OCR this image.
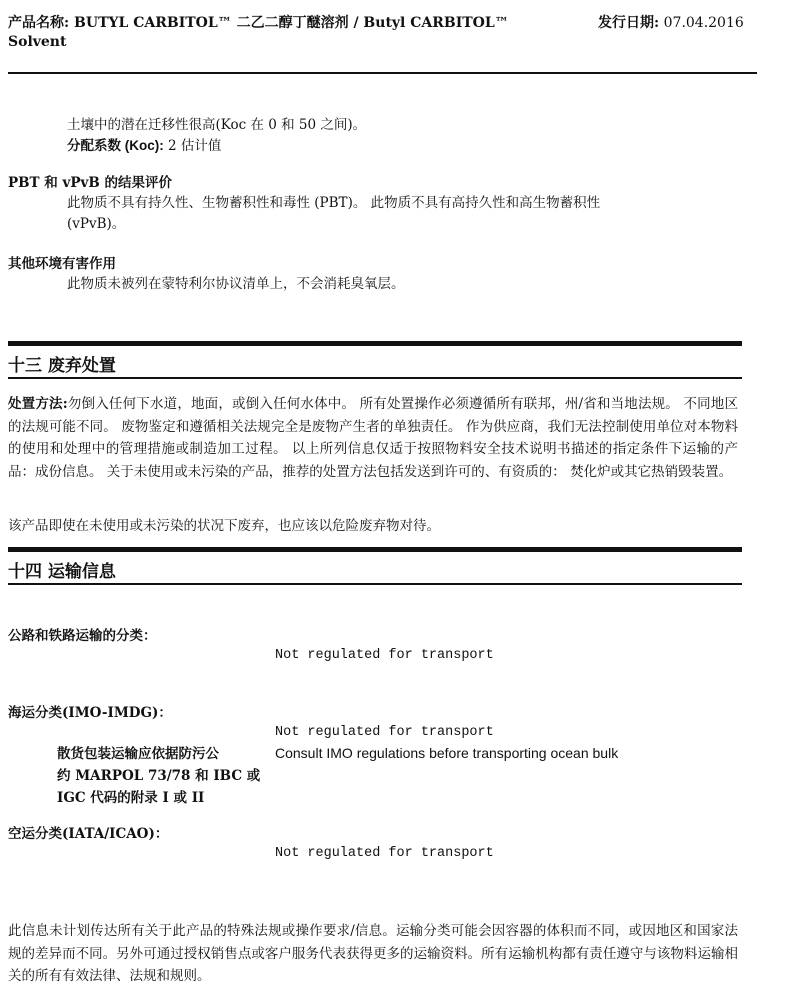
产品名称: BUTYL CARBITOL™ 二乙二醇丁醚溶剂 / Butyl CARBITOL™
Solvent
发行日期: 07.04.2016
土壤中的潜在迁移性很高(Koc 在 0 和 50 之间)。
分配系数 (Koc): 2 估计值
PBT 和 vPvB 的结果评价
此物质不具有持久性、生物蓄积性和毒性 (PBT)。 此物质不具有高持久性和高生物蓄积性
(vPvB)。
其他环境有害作用
此物质未被列在蒙特利尔协议清单上，不会消耗臭氧层。
十三 废弃处置
处置方法:勿倒入任何下水道，地面，或倒入任何水体中。 所有处置操作必须遵循所有联邦，州/省和当地法规。 不同地区的法规可能不同。 废物鉴定和遵循相关法规完全是废物产生者的单独责任。 作为供应商，我们无法控制使用单位对本物料的使用和处理中的管理措施或制造加工过程。 以上所列信息仅适于按照物料安全技术说明书描述的指定条件下运输的产品：成份信息。 关于未使用或未污染的产品，推荐的处置方法包括发送到许可的、有资质的： 焚化炉或其它热销毁装置。
该产品即使在未使用或未污染的状况下废弃，也应该以危险废弃物对待。
十四 运输信息
公路和铁路运输的分类：
Not regulated for transport
海运分类(IMO-IMDG)：
Not regulated for transport
散货包装运输应依据防污公
约 MARPOL 73/78 和 IBC 或
IGC 代码的附录 I 或 II
Consult IMO regulations before transporting ocean bulk
空运分类(IATA/ICAO)：
Not regulated for transport
此信息未计划传达所有关于此产品的特殊法规或操作要求/信息。运输分类可能会因容器的体积而不同，或因地区和国家法规的差异而不同。另外可通过授权销售点或客户服务代表获得更多的运输资料。所有运输机构都有责任遵守与该物料运输相关的所有有效法律、法规和规则。
